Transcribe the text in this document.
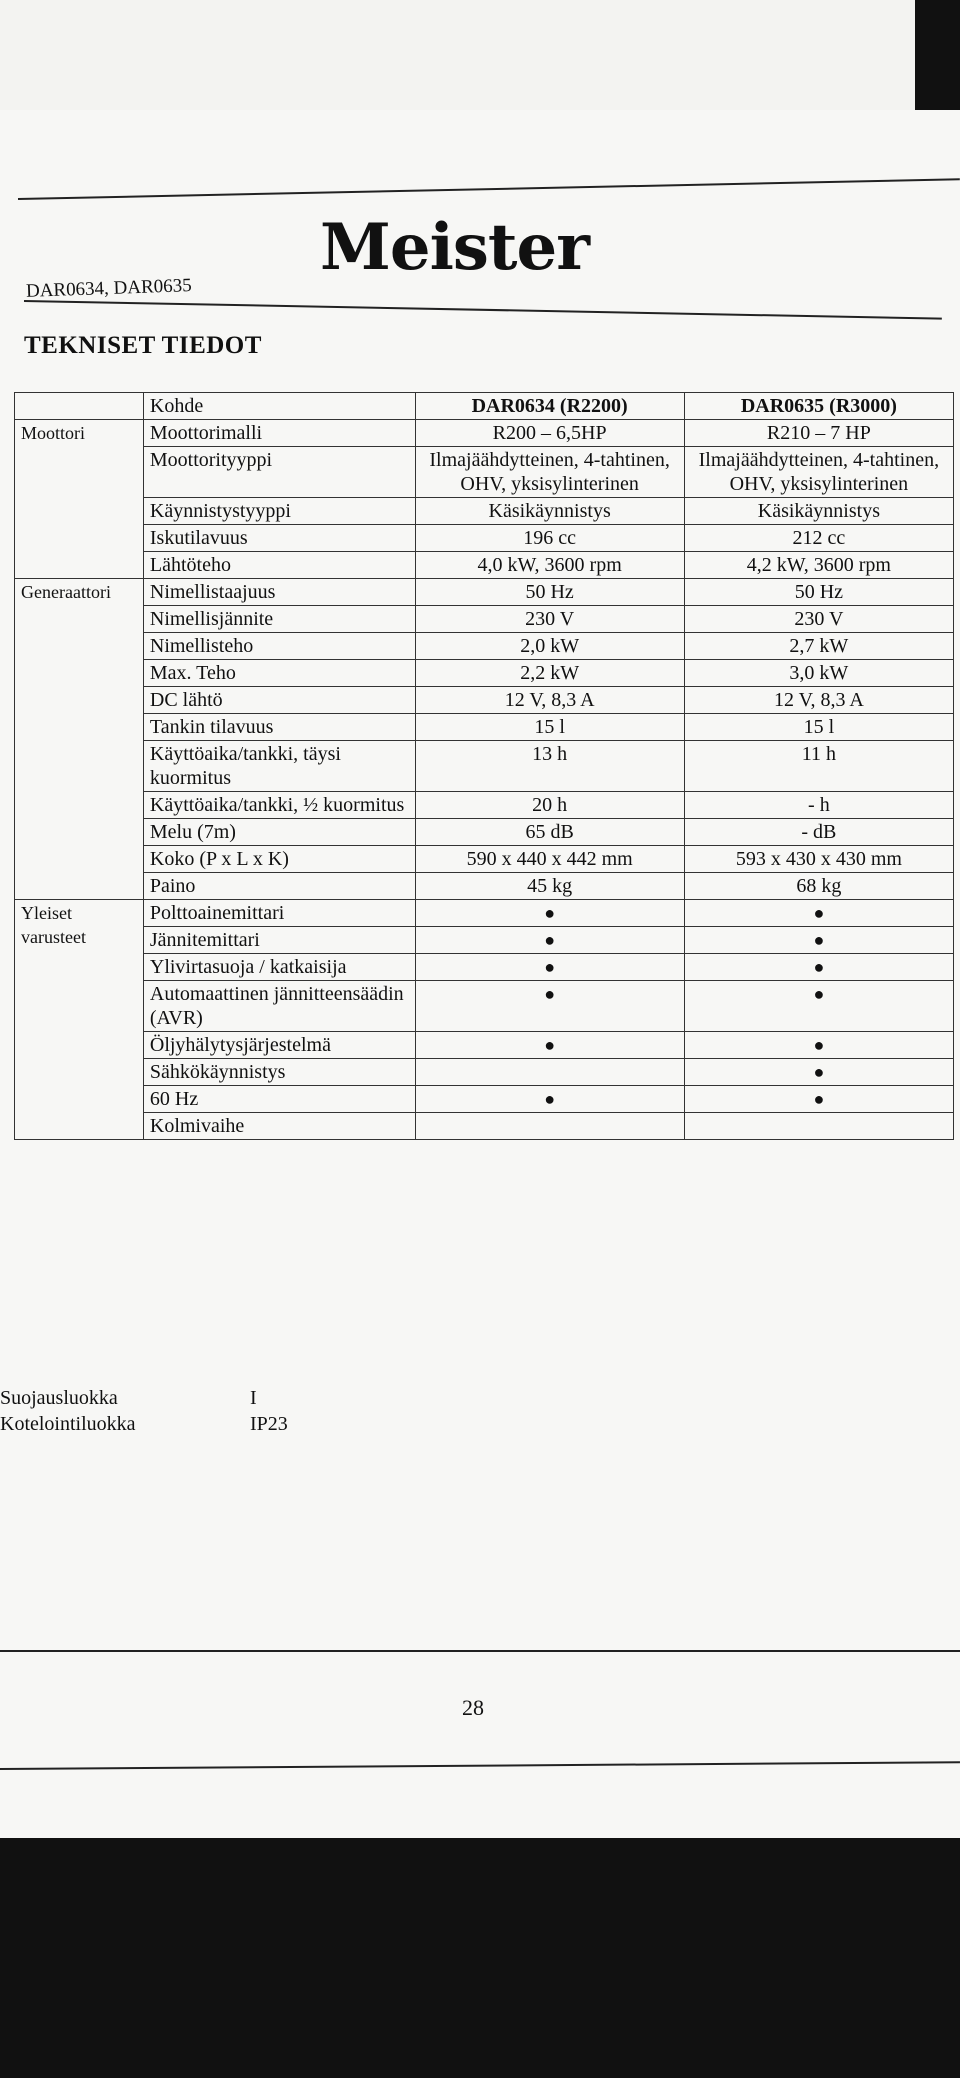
Meister
DAR0634, DAR0635
TEKNISET TIEDOT
	Kohde	DAR0634 (R2200)	DAR0635 (R3000)
Moottori	Moottorimalli	R200 – 6,5HP	R210 – 7 HP
	Moottorityyppi	Ilmajäähdytteinen, 4-tahtinen, OHV, yksisylinterinen	Ilmajäähdytteinen, 4-tahtinen, OHV, yksisylinterinen
	Käynnistystyyppi	Käsikäynnistys	Käsikäynnistys
	Iskutilavuus	196 cc	212 cc
	Lähtöteho	4,0 kW, 3600 rpm	4,2 kW, 3600 rpm
Generaattori	Nimellistaajuus	50 Hz	50 Hz
	Nimellisjännite	230 V	230 V
	Nimellisteho	2,0 kW	2,7 kW
	Max. Teho	2,2 kW	3,0 kW
	DC lähtö	12 V, 8,3 A	12 V, 8,3 A
	Tankin tilavuus	15 l	15 l
	Käyttöaika/tankki, täysi kuormitus	13 h	11 h
	Käyttöaika/tankki, ½ kuormitus	20 h	- h
	Melu (7m)	65 dB	- dB
	Koko (P x L x K)	590 x 440 x 442 mm	593 x 430 x 430 mm
	Paino	45 kg	68 kg
Yleiset varusteet	Polttoainemittari	●	●
	Jännitemittari	●	●
	Ylivirtasuoja / katkaisija	●	●
	Automaattinen jännitteensäädin (AVR)	●	●
	Öljyhälytysjärjestelmä	●	●
	Sähkökäynnistys		●
	60 Hz	●	●
	Kolmivaihe		
Suojausluokka	I
Kotelointiluokka	IP23
28
